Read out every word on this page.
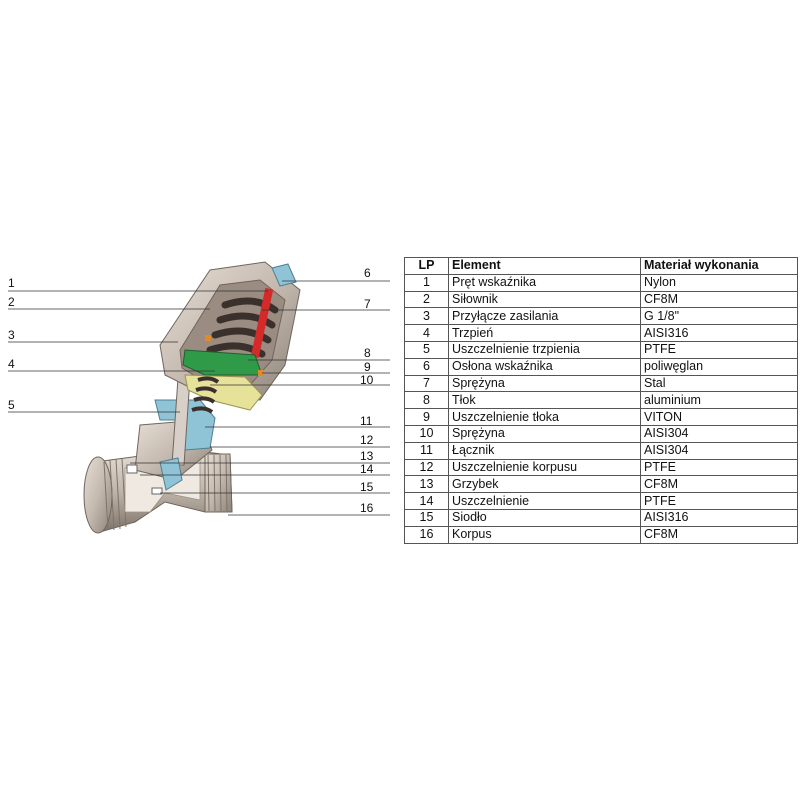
1
2
3
4
5
6
7
8
9
10
11
12
13
14
15
16
LP	Element	Materiał wykonania
1	Pręt wskaźnika	Nylon
2	Siłownik	CF8M
3	Przyłącze zasilania	G 1/8"
4	Trzpień	AISI316
5	Uszczelnienie trzpienia	PTFE
6	Osłona wskaźnika	poliwęglan
7	Sprężyna	Stal
8	Tłok	aluminium
9	Uszczelnienie tłoka	VITON
10	Sprężyna	AISI304
11	Łącznik	AISI304
12	Uszczelnienie korpusu	PTFE
13	Grzybek	CF8M
14	Uszczelnienie	PTFE
15	Siodło	AISI316
16	Korpus	CF8M
